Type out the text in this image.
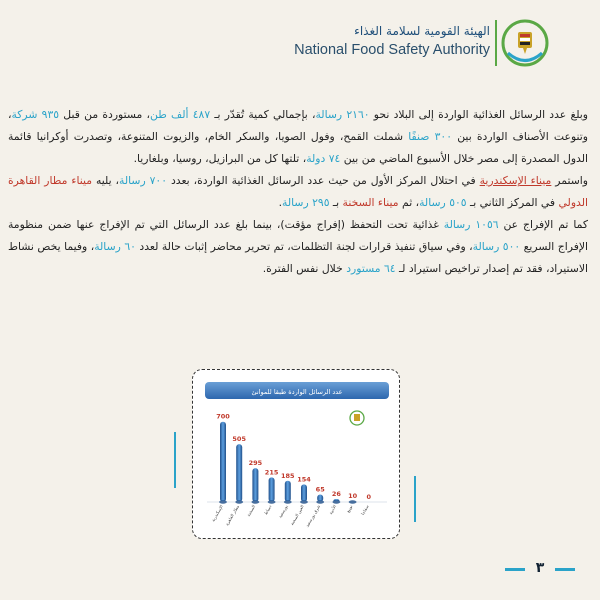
الهيئة القومية لسلامة الغذاء
National Food Safety Authority

وبلغ عدد الرسائل الغذائية الواردة إلى البلاد نحو ٢١٦٠ رسالة، بإجمالي كمية تُقدّر بـ ٤٨٧ ألف طن، مستوردة من قبل ٩٣٥ شركة، وتنوعت الأصناف الواردة بين ٣٠٠ صنفًا شملت القمح، وفول الصويا، والسكر الخام، والزيوت المتنوعة، وتصدرت أوكرانيا قائمة الدول المصدرة إلى مصر خلال الأسبوع الماضي من بين ٧٤ دولة، تلتها كل من البرازيل، روسيا، وبلغاريا.

واستمر ميناء الإسكندرية في احتلال المركز الأول من حيث عدد الرسائل الغذائية الواردة، بعدد ٧٠٠ رسالة، يليه ميناء مطار القاهرة الدولي في المركز الثاني بـ ٥٠٥ رسالة، ثم ميناء السخنة بـ ٢٩٥ رسالة.

كما تم الإفراج عن ١٠٥٦ رسالة غذائية تحت التحفظ (إفراج مؤقت)، بينما بلغ عدد الرسائل التي تم الإفراج عنها ضمن منظومة الإفراج السريع ٥٠٠ رسالة، وفي سياق تنفيذ قرارات لجنة التظلمات، تم تحرير محاضر إثبات حالة لعدد ٦٠ رسالة، وفيما يخص نشاط الاستيراد، فقد تم إصدار تراخيص استيراد لـ ٦٤ مستورد خلال نفس الفترة.

عدد الرسائل الواردة طبقا للموانئ
700
505
295
215 185 154
65
26 10 0
الإسكندرية مطار القاهرة السخنة دمياط بورسعيد العين السخنة شرق بورسعيد الأدبية نويبع سفاجا
٣
